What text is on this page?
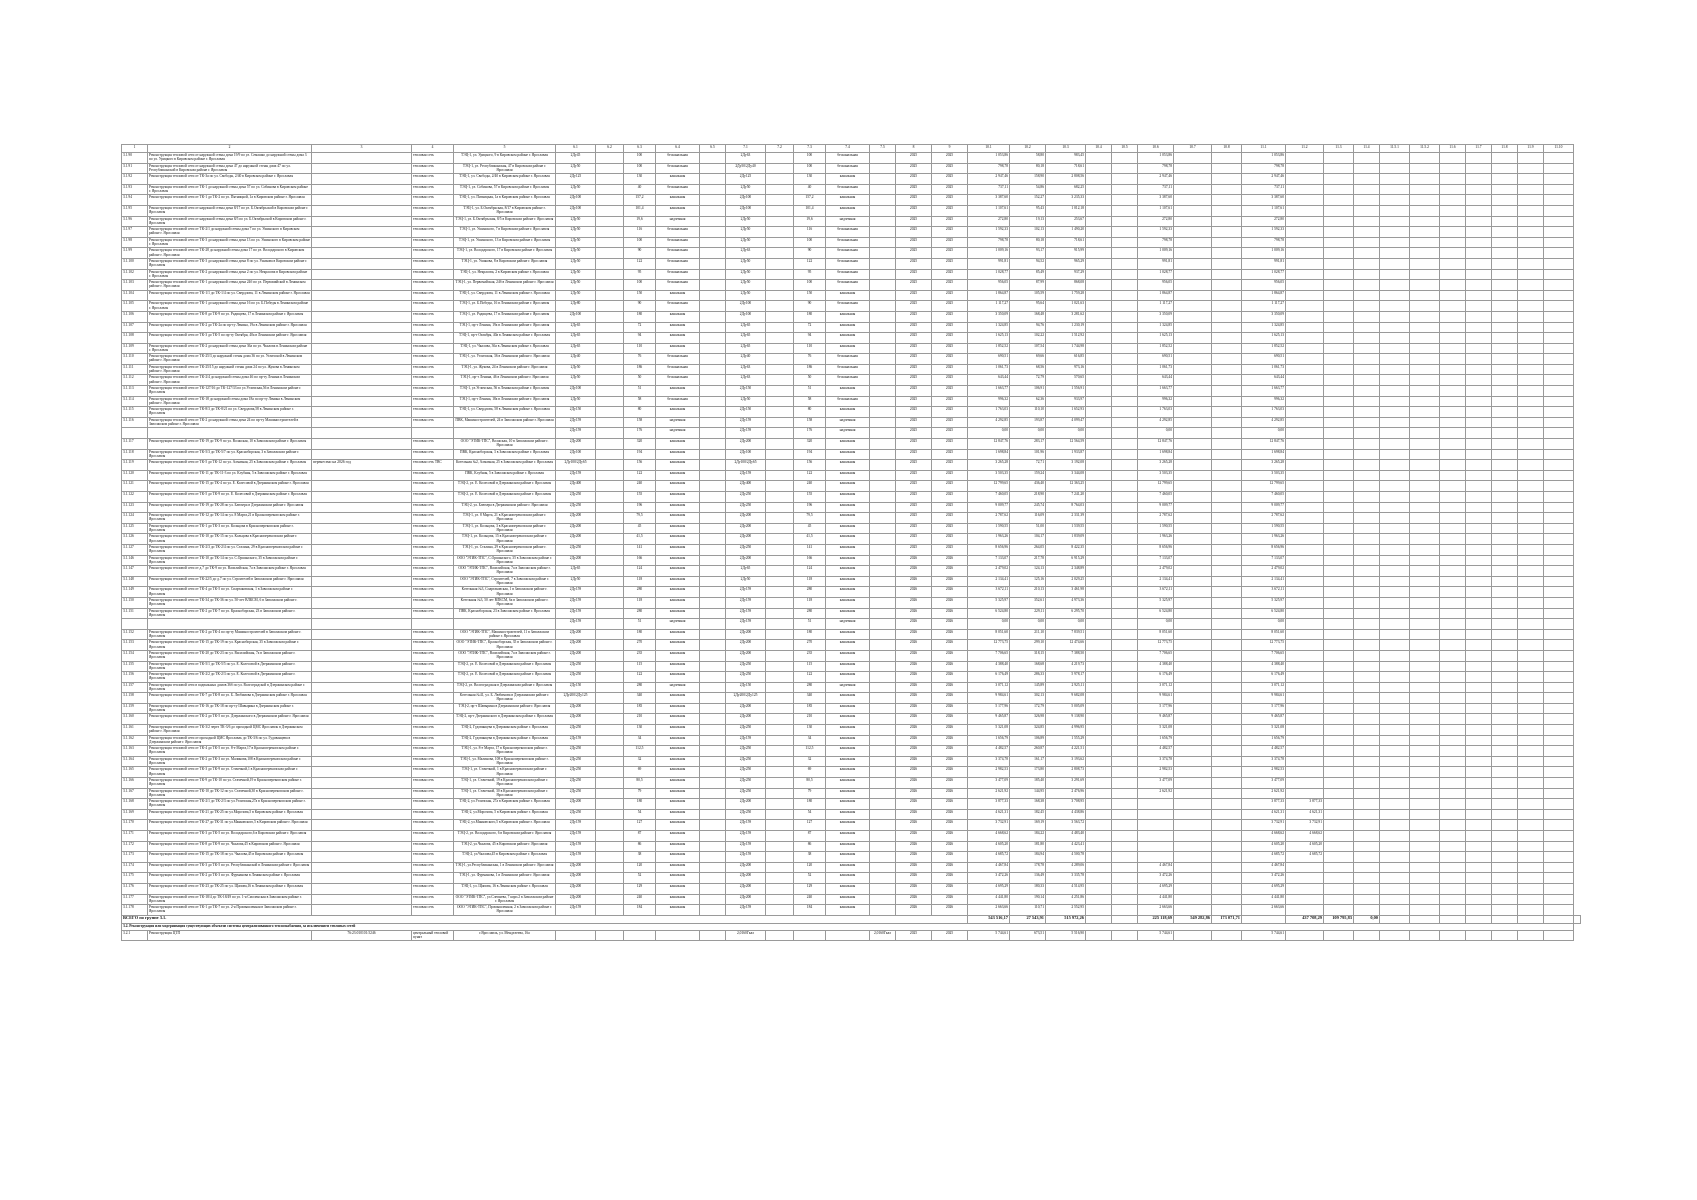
1	2	3	4	5	6.1	6.2	6.3	6.4	6.5	7.1	7.2	7.3	7.4	7.5	8	9	10.1	10.2	10.3	10.4	10.5	10.6	10.7	10.8	11.1	11.2	11.3	11.4	11.5.1	11.5.2	11.6	11.7	11.8	11.9	11.10	
3.1.90	Реконструкция тепловой сети от наружной стены дома 19/9 по ул. Семашко до наружной стены дома 3 по ул. Урицкого в Кировском районе г. Ярославля		тепловая сеть	ТЭЦ-1, ул. Урицкого, 9 в Кировском районе г. Ярославля	2Ду45		100	бесканальная		2Ду63		100	бесканальная		2025	2025	1 053,86	58,80	983,45			1 053,86			1 053,86											
3.1.91	Реконструкция тепловой сети от наружной стены дома 47 до наружной стены дома 47 по ул. Республиканской в Кировском районе г. Ярославля		тепловая сеть	ТЭЦ-1, ул. Республиканская, 47 в Кировском районе г. Ярославля	2Ду50		100	бесканальная		2Ду50/2Ду40		100	бесканальная		2025	2025	798,78	80,18	718,61			798,78			798,78											
3.1.92	Реконструкция тепловой сети от ТК-3а по ул. Свободы, 2/40 в Кировском районе г. Ярославля		тепловая сеть	ТЭЦ-1, ул. Свободы, 2/40 в Кировском районе г. Ярославля	2Ду125		130	канальная		2Ду125		130	канальная		2025	2025	2 947,46	158,90	2 808,56			2 947,46			2 947,46											
3.1.93	Реконструкция тепловой сети от ТК-1 до наружной стены дома 57 по ул. Собинова в Кировском районе г. Ярославля		тепловая сеть	ТЭЦ-1, ул. Собинова, 57 в Кировском районе г. Ярославля	2Ду50		40	бесканальная		2Ду50		40	бесканальная		2025	2025	737,11	54,86	682,25			737,11			737,11											
3.1.94	Реконструкция тепловой сети от ТК-1 до ТК-2 по ул. Пятницкой, 1а в Кировском районе г. Ярославля		тепловая сеть	ТЭЦ-1, ул. Пятницкая, 1а в Кировском районе г. Ярославля	2Ду100		157,2	канальная		2Ду100		157,2	канальная		2025	2025	3 387,60	152,27	3 235,33			3 387,60			3 387,60											
3.1.95	Реконструкция тепловой сети от наружной стены дома 8/17 по ул. Б.Октябрьской в Кировском районе г. Ярославля		тепловая сеть	ТЭЦ-1, ул. Б.Октябрьская, 8/17 в Кировском районе г. Ярославля	2Ду100		101,4	канальная		2Ду100		101,4	канальная		2025	2025	1 107,61	95,43	1 012,18			1 107,61			1 107,61											
3.1.96	Реконструкция тепловой сети от наружной стены дома 8/5 по ул. Б.Октябрьской в Кировском районе г. Ярославля		тепловая сеть	ТЭЦ-1, ул. Б.Октябрьская, 8/5 в Кировском районе г. Ярославля	2Ду50		19,6	надземная		2Ду50		19,6	надземная		2025	2025	272,80	19,13	253,67			272,80			272,80											
3.1.97	Реконструкция тепловой сети от ТК-2/1 до наружной стены дома 7 по ул. Ушинского в Кировском районе г. Ярославля		тепловая сеть	ТЭЦ-1, ул. Ушинского, 7 в Кировском районе г. Ярославля	2Ду50		116	бесканальная		2Ду50		116	бесканальная		2025	2025	1 592,33	102,13	1 490,20			1 592,33			1 592,33											
3.1.98	Реконструкция тепловой сети от ТК-3 до наружной стены дома 13 по ул. Ушинского в Кировском районе г. Ярославля		тепловая сеть	ТЭЦ-1, ул. Ушинского, 13 в Кировском районе г. Ярославля	2Ду50		100	бесканальная		2Ду50		100	бесканальная		2025	2025	798,78	80,18	718,61			798,78			798,78											
3.1.99	Реконструкция тепловой сети от ТК-28 до наружной стены дома 17 по ул. Володарского в Кировском районе г. Ярославля		тепловая сеть	ТЭЦ-1, ул. Володарского, 17 в Кировском районе г. Ярославля	2Ду50		90	бесканальная		2Ду63		90	бесканальная		2025	2025	1 009,16	93,17	915,99			1 009,16			1 009,16											
3.1.100	Реконструкция тепловой сети от ТК-3 до наружной стены дома 8 по ул. Ушакова в Кировском районе г. Ярославля		тепловая сеть	ТЭЦ-1, ул. Ушакова, 8 в Кировском районе г. Ярославля	2Ду50		122	бесканальная		2Ду50		122	бесканальная		2025	2025	991,81	94,52	965,29			991,81			991,81											
3.1.102	Реконструкция тепловой сети от ТК-2 до наружной стены дома 2 по ул. Некрасова в Кировском районе г. Ярославля		тепловая сеть	ТЭЦ-1, ул. Некрасова, 2 в Кировском районе г. Ярославля	2Ду50		95	бесканальная		2Ду50		95	бесканальная		2025	2025	1 028,77	85,49	937,29			1 028,77			1 028,77											
3.1.103	Реконструкция тепловой сети от ТК-1 до наружной стены дома 24б по ул. Первомайской в Ленинском районе г. Ярославля		тепловая сеть	ТЭЦ-1, ул. Первомайская, 24б в Ленинском районе г. Ярославля	2Ду50		100	бесканальная		2Ду50		100	бесканальная		2025	2025	956,05	87,99	868,08			956,05			956,05											
3.1.104	Реконструкция тепловой сети от ТК-1/1 до ТК-1/4 по ул. Свердлова, 11 в Ленинском районе г. Ярославля		тепловая сеть	ТЭЦ-1, ул. Свердлова, 11 в Ленинском районе г. Ярославля	2Ду50		150	канальная		2Ду50		150	канальная		2025	2025	1 864,87	105,59	1 759,28			1 864,87			1 864,87											
3.1.105	Реконструкция тепловой сети от ТК-1 до наружной стены дома 16 по ул. Б.Победы в Ленинском районе г. Ярославля		тепловая сеть	ТЭЦ-1, ул. Б.Победы, 16 в Ленинском районе г. Ярославля	2Ду80		90	бесканальная		2Ду100		90	бесканальная		2025	2025	1 117,27	95,64	1 021,63			1 117,27			1 117,27											
3.1.106	Реконструкция тепловой сети от ТК-8 до ТК-9 по ул. Радищева, 17 в Ленинском районе г. Ярославля		тепловая сеть	ТЭЦ-1, ул. Радищева, 17 в Ленинском районе г. Ярославля	2Ду100		180	канальная		2Ду100		180	канальная		2025	2025	3 350,09	168,48	3 281,62			3 350,09			3 350,09											
3.1.107	Реконструкция тепловой сети от ТК-2 до ТК-2а по пр-ту Ленина, 19а в Ленинском районе г. Ярославля		тепловая сеть	ТЭЦ-1, пр-т Ленина, 19а в Ленинском районе г. Ярославля	2Ду65		72	канальная		2Ду65		72	канальная		2025	2025	1 324,85	94,76	1 230,19			1 324,85			1 324,85											
3.1.108	Реконструкция тепловой сети от ТК-3 до ТК-5 по пр-ту Октября, 40а в Ленинском районе г. Ярославля		тепловая сеть	ТЭЦ-1, пр-т Октября, 40а в Ленинском районе г. Ярославля	2Ду65		94	канальная		2Ду65		94	канальная		2025	2025	1 625,13	102,22	1 512,92			1 625,13			1 625,13											
3.1.109	Реконструкция тепловой сети от ТК-2 до наружной стены дома 36а по ул. Чкалова в Ленинском районе г. Ярославля		тепловая сеть	ТЭЦ-1, ул. Чкалова, 36а в Ленинском районе г. Ярославля	2Ду65		110	канальная		2Ду65		110	канальная		2025	2025	1 852,52	107,54	1 744,98			1 852,52			1 852,52											
3.1.110	Реконструкция тепловой сети от ТК-25/3 до наружной стены дома 36 по ул. Угличской в Ленинском районе г. Ярославля		тепловая сеть	ТЭЦ-1, ул. Угличская, 36 в Ленинском районе г. Ярославля	2Ду40		76	бесканальная		2Ду40		76	бесканальная		2025	2025	690,51	69,66	616,85			690,51			690,51											
3.1.111	Реконструкция тепловой сети от ТК-25/15 до наружной стены дома 24 по ул. Жукова в Ленинском районе г. Ярославля		тепловая сеть	ТЭЦ-1, ул. Жукова, 24 в Ленинском районе г. Ярославля	2Ду50		186	бесканальная		2Ду63		186	бесканальная		2025	2025	1 061,73	68,56	973,16			1 061,73			1 061,73											
3.1.112	Реконструкция тепловой сети от ТК-2/4 до наружной стены дома 46 по пр-ту Ленина в Ленинском районе г. Ярославля		тепловая сеть	ТЭЦ-1, пр-т Ленина, 46 в Ленинском районе г. Ярославля	2Ду50		50	бесканальная		2Ду63		50	бесканальная		2025	2025	643,44	72,79	570,65			643,44			643,44											
3.1.113	Реконструкция тепловой сети от ТК-127/16 до ТК-127/33 по ул.Угличская,56 в Ленинском районе г. Ярославля		тепловая сеть	ТЭЦ-1, ул.Угличская, 56 в Ленинском районе г. Ярославля	2Ду100		51	канальная		2Ду150		51	канальная		2025	2025	1 663,77	106,91	1 556,91			1 663,77			1 663,77											
3.1.114	Реконструкция тепловой сети от ТК-18 до наружной стены дома 18а по пр-ту Ленина в Ленинском районе г. Ярославля		тепловая сеть	ТЭЦ-1, пр-т Ленина, 18а в Ленинском районе г. Ярославля	2Ду50		58	бесканальная		2Ду50		58	бесканальная		2025	2025	996,32	62,36	933,97			996,32			996,32											
3.1.115	Реконструкция тепловой сети от ТК-8/3 до ТК-8/21 по ул. Свердлова,58 в Ленинском районе г. Ярославля		тепловая сеть	ТЭЦ-1, ул. Свердлова, 58 в Ленинском районе г. Ярославля	2Ду150		80	канальная		2Ду150		80	канальная		2025	2025	1 763,03	110,10	1 652,93			1 763,03			1 763,03											
3.1.116	Реконструкция тепловой сети от ТК-2 до наружной стены дома 24 по пр-ту Машиностроителей в Заволжском районе г. Ярославля		тепловая сеть	ПВК, Машиностроителей, 24 в Заволжском районе г. Ярославля	2Ду159		158	надземная		2Ду159		158	надземная		2025	2025	4 292,85	193,87	4 099,47			4 292,85			4 292,85											
					2Ду159		176	надземная		2Ду159		176	надземная		2025	2025	0,00	0,00	0,00			0,00			0,00											
3.1.117	Реконструкция тепловой сети от ТК-19 до ТК-9 по ул. Волжская, 10 в Заволжском районе г. Ярославля		тепловая сеть	ООО "ЭТИК-ТПС", Волжская, 10 в Заволжском районе г. Ярославля	2Ду200		320	канальная		2Ду200		320	канальная		2025	2025	12 847,76	283,17	12 564,59			12 847,76			12 847,76											
3.1.118	Реконструкция тепловой сети от ТК-5/3 до ТК-5/7 по ул. Красноборская, 3 в Заволжском районе г. Ярославля		тепловая сеть	ПВК, Красноборская, 3 в Заволжском районе г. Ярославля	2Ду100		194	канальная		2Ду100		194	канальная		2025	2025	1 698,84	101,96	1 933,87			1 698,84			1 698,84											
3.1.119	Реконструкция тепловой сети от ТК-5 до ТК-12 по ул. Алмазная, 25 в Заволжском районе г. Ярославля	перенесено на 2026 год	тепловая сеть ТВС	Котельная №2, Алмазная, 25 в Заволжском районе г. Ярославля	2Ду100/2Ду65		156	канальная		2Ду100/2Ду65		156	канальная		2025	2025	3 265,28	72,71	3 192,08			3 265,28			3 265,28											
3.1.120	Реконструкция тепловой сети от ТК-11 до ТК-11-3 по ул. Клубная, 5 в Заволжском районе г. Ярославля		тепловая сеть	ПВК, Клубная, 5 в Заволжском районе г. Ярославля	2Ду159		122	канальная		2Ду159		122	канальная		2025	2025	3 503,35	159,24	3 344,08			3 503,35			3 503,35											
3.1.121	Реконструкция тепловой сети от ТК-15 до ТК-4 по ул. Е. Колесовой в Дзержинском районе г. Ярославля		тепловая сеть	ТЭЦ-2, ул. Е. Колесовой в Дзержинском районе г. Ярославля	2Ду400		240	канальная		2Ду400		240	канальная		2025	2025	12 799,65	436,40	12 363,25			12 799,65			12 799,65											
3.1.122	Реконструкция тепловой сети от ТК-5 до ТК-9 по ул. Е. Колесовой в Дзержинском районе г. Ярославля		тепловая сеть	ТЭЦ-2, ул. Е. Колесовой в Дзержинском районе г. Ярославля	2Ду250		155	канальная		2Ду250		155	канальная		2025	2025	7 460,05	218,90	7 241,20			7 460,05			7 460,05											
3.1.123	Реконструкция тепловой сети от ТК-19 до ТК-28 по ул. Блюхера в Дзержинском районе г. Ярославля		тепловая сеть	ТЭЦ-2, ул. Блюхера в Дзержинском районе г. Ярославля	2Ду250		196	канальная		2Ду250		196	канальная		2025	2025	9 009,77	245,74	8 764,03			9 009,77			9 009,77											
3.1.124	Реконструкция тепловой сети от ТК-12 до ТК-14 по ул. 8 Марта,21 в Красноперекопском районе г. Ярославля		тепловая сеть	ТЭЦ-1, ул. 8 Марта, 21 в Красноперекопском районе г. Ярославля	2Ду200		79,5	канальная		2Ду200		79,5	канальная		2025	2025	2 787,62	116,09	2 331,39			2 787,62			2 787,62											
3.1.125	Реконструкция тепловой сети от ТК-1 до ТК-3 по ул. Кольцова в Красноперекопском районе г. Ярославля		тепловая сеть	ТЭЦ-1, ул. Кольцова, 3 в Красноперекопском районе г. Ярославля	2Ду200		45	канальная		2Ду200		45	канальная		2025	2025	1 590,55	51,00	1 539,55			1 590,55			1 590,55											
3.1.126	Реконструкция тепловой сети от ТК-10 до ТК-15 по ул. Кольцова в Красноперекопском районе г. Ярославля		тепловая сеть	ТЭЦ-1, ул. Кольцова, 15 в Красноперекопском районе г. Ярославля	2Ду200		41,5	канальная		2Ду200		41,5	канальная		2025	2025	1 963,26	104,17	1 839,09			1 963,26			1 963,26											
3.1.127	Реконструкция тепловой сети от ТК-2/3 до ТК-2/4 по ул. Сталина, 29 в Красноперекопском районе г. Ярославля		тепловая сеть	ТЭЦ-1, ул. Сталина, 29 в Красноперекопском районе г. Ярославля	2Ду250		141	канальная		2Ду250		141	канальная		2025	2025	8 656,96	264,05	8 422,35			8 656,96			8 656,96											
3.1.146	Реконструкция тепловой сети от ТК-10 до ТК-14 по ул. С.Оршанского, 35 в Заволжском районе г. Ярославля		тепловая сеть	ООО "ЭТИК-ТПС", С.Оршанского, 35 в Заволжском районе г. Ярославля	2Ду200		166	канальная		2Ду200		166	канальная		2026	2026	7 133,07	217,78	6 915,29			7 133,07			7 133,07											
3.1.147	Реконструкция тепловой сети от д.7 до ТК-9 по ул. Василийская, 7а в Заволжском районе г. Ярославля		тепловая сеть	ООО "ЭТИК-ТПС", Василийская, 7а в Заволжском районе г. Ярославля	2Ду65		124	канальная		2Ду65		124	канальная		2026	2026	2 479,02	124,13	2 348,89			2 479,02			2 479,02											
3.1.148	Реконструкция тепловой сети от ТК-22/5 до д.7 по ул. Строителей в Заволжском районе г. Ярославля		тепловая сеть	ООО "ЭТИК-ТПС", Строителей, 7 в Заволжском районе г. Ярославля	2Ду50		118	канальная		2Ду50		118	канальная		2026	2026	2 134,41	125,16	2 029,25			2 134,41			2 134,41											
3.1.149	Реконструкция тепловой сети от ТК-4 до ТК-5 по ул. Спартаковская, 1 в Заволжском районе г. Ярославля		тепловая сеть	Котельная №3, Спартаковская, 1 в Заволжском районе г. Ярославля	2Ду159		280	канальная		2Ду159		280	канальная		2026	2026	3 672,11	210,13	3 461,98			3 672,11			3 672,11											
3.1.150	Реконструкция тепловой сети от ТК-34 до ТК-36 по ул. 50-лет ВЛКСМ, 6 в Заволжском районе г. Ярославля		тепловая сеть	Котельная №3, 50 лет ВЛКСМ, 6а в Заволжском районе г. Ярославля	2Ду159		118	канальная		2Ду159		118	канальная		2026	2026	5 325,97	352,61	4 973,36			5 325,97			5 325,97											
3.1.151	Реконструкция тепловой сети от ТК-2 до ТК-7 по ул. Красноборская, 23 в Заволжском районе г. Ярославля		тепловая сеть	ПВК, Красноборская, 23 в Заволжском районе г. Ярославля	2Ду159		280	канальная		2Ду159		280	канальная		2026	2026	6 524,80	229,11	6 295,70			6 524,80			6 524,80											
					2Ду159		51	надземная		2Ду159		51	надземная		2026	2026	0,00	0,00	0,00			0,00			0,00											
3.1.152	Реконструкция тепловой сети от ТК-2 до ТК-4 по пр-ту Машиностроителей в Заволжском районе г. Ярославля		тепловая сеть	ООО "ЭТИК-ТПС", Машиностроителей, 11 в Заволжском районе г. Ярославля	2Ду200		180	канальная		2Ду200		180	канальная		2026	2026	8 051,60	211,10	7 839,51			8 051,60			8 051,60											
3.1.153	Реконструкция тепловой сети от ТК-15 до ТК-19 по ул. Красноборская, 35 в Заволжском районе г. Ярославля		тепловая сеть	ООО "ЭТИК-ТПС", Красноборская, 35 в Заволжском районе г. Ярославля	2Ду200		270	канальная		2Ду200		270	канальная		2026	2026	12 773,75	299,10	12 474,66			12 773,75			12 773,75											
3.1.154	Реконструкция тепловой сети от ТК-20 до ТК-23 по ул. Василийская, 7а в Заволжском районе г. Ярославля		тепловая сеть	ООО "ЭТИК-ТПС", Василийская, 7а в Заволжском районе г. Ярославля	2Ду200		235	канальная		2Ду200		235	канальная		2026	2026	7 706,65	318,15	7 388,50			7 706,65			7 706,65											
3.1.155	Реконструкция тепловой сети от ТК-5/1 до ТК-5/5 по ул. Е. Колесовой в Дзержинском районе г. Ярославля		тепловая сеть	ТЭЦ-2, ул. Е. Колесовой в Дзержинском районе г. Ярославля	2Ду250		115	канальная		2Ду250		115	канальная		2026	2026	4 388,40	168,68	4 219,73			4 388,40			4 388,40											
3.1.156	Реконструкция тепловой сети от ТК-2/2 до ТК-2/3 по ул. Е. Колесовой в Дзержинском районе г. Ярославля		тепловая сеть	ТЭЦ-2, ул. Е. Колесовой в Дзержинском районе г. Ярославля	2Ду250		122	канальная		2Ду250		122	канальная		2026	2026	6 176,49	286,33	5 978,17			6 176,49			6 176,49											
3.1.157	Реконструкция тепловой сети в подвальных домов 36б по ул. Волгоградской в Дзержинском районе г. Ярославля		тепловая сеть	ТЭЦ-2, ул. Волгоградская в Дзержинском районе г. Ярославля	2Ду150		280	надземная		2Ду150		280	надземная		2026	2026	3 071,12	145,89	2 925,11			3 071,12			3 071,12											
3.1.158	Реконструкция тепловой сети от ТК-7 до ТК-8 по ул. Б. Любимова в Дзержинском районе г. Ярославля		тепловая сеть	Котельная №41, ул. Б. Любимова в Дзержинском районе г. Ярославля	2Ду200/2Ду125		340	канальная		2Ду200/2Ду125		340	канальная		2026	2026	9 984,61	302,13	9 682,08			9 984,61			9 984,61											
3.1.159	Реконструкция тепловой сети от ТК-16 до ТК-18 по пр-ту Шавырина в Дзержинском районе г. Ярославля		тепловая сеть	ТЭЦ-2, пр-т Шавырина в Дзержинском районе г. Ярославля	2Ду200		185	канальная		2Ду200		185	канальная		2026	2026	5 177,96	172,79	5 005,09			5 177,96			5 177,96											
3.1.160	Реконструкция тепловой сети от ТК-2 до ТК-5 по ул. Дзержинского в Дзержинском районе г. Ярославля		тепловая сеть	ТЭЦ-2, пр-т Дзержинского в Дзержинском районе г. Ярославля	2Ду200		210	канальная		2Ду200		210	канальная		2026	2026	9 465,87	326,98	9 138,90			9 465,87			9 465,87											
3.1.161	Реконструкция тепловой сети от ТК-3/2 через ТК-3/6 до проходной ЦМС Ярославль в Дзержинском районе г. Ярославля		тепловая сеть	ТЭЦ-2, Гудованцева в Дзержинском районе г. Ярославля	2Ду250		130	канальная		2Ду250		130	канальная		2026	2026	5 321,08	324,85	4 996,95			5 321,08			5 321,08											
3.1.162	Реконструкция тепловой сети от проходной ЦМС Ярославль до ТК-3/6 по ул. Гудованцева в Дзержинском районе г. Ярославля		тепловая сеть	ТЭЦ-2, Гудованцева в Дзержинском районе г. Ярославля	2Ду159		34	канальная		2Ду159		34	канальная		2026	2026	1 656,79	106,89	1 555,29			1 656,79			1 656,79											
3.1.163	Реконструкция тепловой сети от ТК-4 до ТК-5 по ул. 8-е Марта,17 в Красноперекопском районе г. Ярославля		тепловая сеть	ТЭЦ-1, ул. 8-е Марта, 17 в Красноперекопском районе г. Ярославля	2Ду250		112,5	канальная		2Ду250		112,5	канальная		2026	2026	4 482,57	260,87	4 221,51			4 482,57			4 482,57											
3.1.164	Реконструкция тепловой сети от ТК-2 до ТК-3 по ул. Малинова,108 в Красноперекопском районе г. Ярославля		тепловая сеть	ТЭЦ-1, ул. Малинова, 108 в Красноперекопском районе г. Ярославля	2Ду250		32	канальная		2Ду250		32	канальная		2026	2026	3 374,78	161,17	3 193,62			3 374,78			3 374,78											
3.1.165	Реконструкция тепловой сети от ТК-3 до ТК-9 по ул. Стачечной,1 в Красноперекопском районе г. Ярославля		тепловая сеть	ТЭЦ-1, ул. Стачечной, 1 в Красноперекопском районе г. Ярославля	2Ду250		69	канальная		2Ду250		69	канальная		2026	2026	2 982,53	173,80	2 808,73			2 982,53			2 982,53											
3.1.166	Реконструкция тепловой сети от ТК-9 до ТК-10 по ул. Стачечной,19 в Красноперекопском районе г. Ярославля		тепловая сеть	ТЭЦ-1, ул. Стачечной, 19 в Красноперекопском районе г. Ярославля	2Ду250		80,5	канальная		2Ду250		80,5	канальная		2026	2026	3 477,09	185,40	3 291,69			3 477,09			3 477,09											
3.1.167	Реконструкция тепловой сети от ТК-10 до ТК-12 по ул. Стачечной,30 в Красноперекопском районе г. Ярославля		тепловая сеть	ТЭЦ-1, ул. Стачечной, 30 в Красноперекопском районе г. Ярославля	2Ду250		79	канальная		2Ду250		79	канальная		2026	2026	2 621,92	144,95	2 476,96			2 621,92			2 621,92											
3.1.168	Реконструкция тепловой сети от ТК-2/1 до ТК-2/3 по ул.Угличская,27а в Красноперекопском районе г. Ярославля		тепловая сеть	ТЭЦ-2, ул.Угличская, 27а в Кировском районе г. Ярославля	2Ду200		180	канальная		2Ду200		180	канальная		2026	2026	3 877,33	168,38	3 708,95						3 877,33	3 877,33										
3.1.169	Реконструкция тепловой сети от ТК-21 до ТК-25 по ул.Морозова,5 в Кировском районе г. Ярославля		тепловая сеть	ТЭЦ-2, ул.Морозова, 5 в Кировском районе г. Ярославля	2Ду250		54	канальная		2Ду250		54	канальная		2026	2026	4 621,31	182,45	4 438,86						4 621,31	4 621,31										
3.1.170	Реконструкция тепловой сети от ТК-27 до ТК-31 по ул.Маяковского,5 в Кировском районе г. Ярославля		тепловая сеть	ТЭЦ-2, ул.Маяковского,5 в Кировском районе г. Ярославля	2Ду159		127	канальная		2Ду159		127	канальная		2026	2026	3 732,91	169,19	3 563,72						3 732,91	3 732,91										
3.1.171	Реконструкция тепловой сети от ТК-3 до ТК-5 по ул. Володарского,6 в Кировском районе г. Ярославля		тепловая сеть	ТЭЦ-2, ул. Володарского, 6 в Кировском районе г. Ярославля	2Ду159		87	канальная		2Ду159		87	канальная		2026	2026	4 668,62	184,22	4 483,40						4 668,62	4 668,62										
3.1.172	Реконструкция тепловой сети от ТК-8 до ТК-9 по ул. Чкалова,45 в Кировском районе г. Ярославля		тепловая сеть	ТЭЦ-2, ул.Чкалова, 45 в Кировском районе г. Ярославля	2Ду159		86	канальная		2Ду159		86	канальная		2026	2026	4 605,20	181,80	4 423,41						4 605,20	4 605,20										
3.1.173	Реконструкция тепловой сети от ТК-15 до ТК-18 по ул. Чкалова,45 в Кировском районе г. Ярославля		тепловая сеть	ТЭЦ-2, ул.Чкалова,45 в Кировском районе г. Ярославля	2Ду159		38	канальная		2Ду159		38	канальная		2026	2026	4 685,72	184,94	4 500,78						4 685,72	4 685,72										
3.1.174	Реконструкция тепловой сети от ТК-3 до ТК-5 по ул. Республиканской в Ленинском районе г. Ярославля		тепловая сеть	ТЭЦ-1, ул.Республиканская, 1 в Ленинском районе г. Ярославля	2Ду200		120	канальная		2Ду200		120	канальная		2026	2026	4 467,84	178,78	4 289,06			4 467,84			4 467,84											
3.1.175	Реконструкция тепловой сети от ТК-2 до ТК-3 по ул. Фурманова в Ленинском районе г. Ярославля		тепловая сеть	ТЭЦ-1, ул. Фурманова, 1 в Ленинском районе г. Ярославля	2Ду200		52	канальная		2Ду200		52	канальная		2026	2026	3 472,26	136,49	3 335,78			3 472,26			3 472,26											
3.1.176	Реконструкция тепловой сети от ТК-23 до ТК-25 по ул. Щапова,16 в Ленинском районе г. Ярославля		тепловая сеть	ТЭЦ-1, ул. Щапова, 16 в Ленинском районе г. Ярославля	2Ду200		129	канальная		2Ду200		129	канальная		2026	2026	4 695,29	180,33	4 514,95			4 695,29			4 695,29											
3.1.177	Реконструкция тепловой сети от ТК-18/4 до ТК-18/49 по ул. 1-я Смоленская в Заволжском районе г. Ярославля		тепловая сеть	ООО "ЭТИК-ТПС", ул.Слепнева, 7 корп.2 в Заволжском районе г. Ярославля	2Ду200		240	канальная		2Ду200		240	канальная		2026	2026	4 441,80	190,14	4 251,86			4 441,80			4 441,80											
3.1.178	Реконструкция тепловой сети от ТК-1 до ТК-7 по ул. 2-я Промышленная в Заволжском районе г. Ярославля		тепловая сеть	ООО "ЭТИК-ТПС", Промышленная, 2 в Заволжском районе г. Ярославля	2Ду159		184	канальная		2Ду159		184	канальная		2026	2026	2 663,66	110,71	2 552,95			2 663,66			2 663,66											
ВСЕГО по группе 3.1.																	543 516,17	27 543,91	515 972,26			225 118,69	549 282,86	173 071,71		437 708,29	109 795,83	0,00								
3.2. Реконструкция или модернизация существующих объектов системы централизованного теплоснабжения, за исключением тепловых сетей																																				
3.2.1	Реконструкция ЦТП	76:23:010101:5246	центральный тепловой пункт	г.Ярославль, ул. Менделеева, 16а						2,0160Гкал				2,0160Гкал	2025	2025	5 744,61	673,51	5 516,90			5 744,61			5 744,61											
